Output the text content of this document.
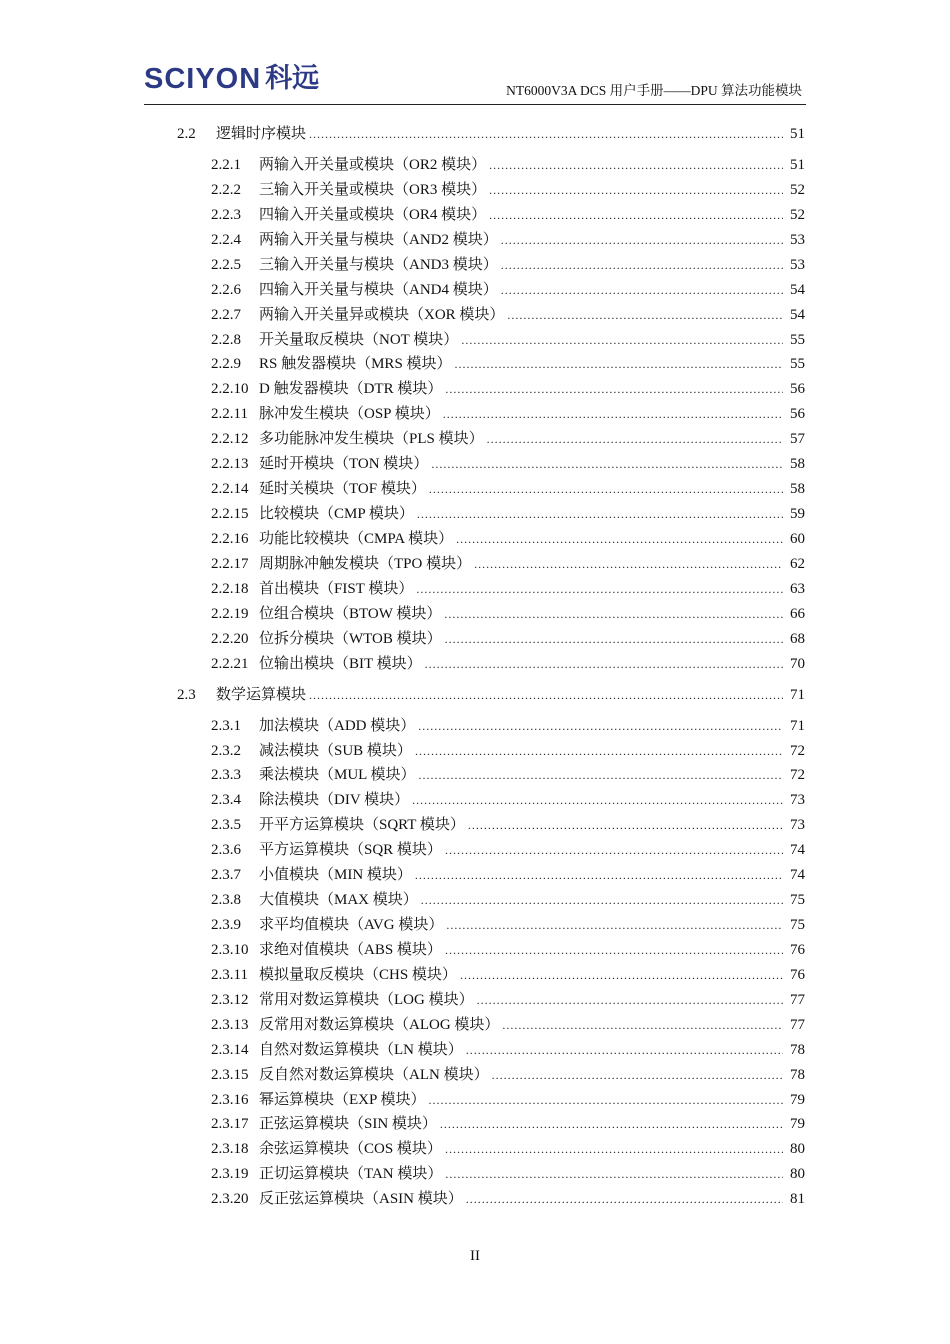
SCIYON 科远	NT6000V3A DCS 用户手册——DPU 算法功能模块
2.2	逻辑时序模块 .....	51
2.2.1	两输入开关量或模块（OR2 模块） .....	51
2.2.2	三输入开关量或模块（OR3 模块） .....	52
2.2.3	四输入开关量或模块（OR4 模块） .....	52
2.2.4	两输入开关量与模块（AND2 模块） .....	53
2.2.5	三输入开关量与模块（AND3 模块） .....	53
2.2.6	四输入开关量与模块（AND4 模块） .....	54
2.2.7	两输入开关量异或模块（XOR 模块） .....	54
2.2.8	开关量取反模块（NOT 模块） .....	55
2.2.9	RS 触发器模块（MRS 模块） .....	55
2.2.10 D 触发器模块（DTR 模块） .....	56
2.2.11 脉冲发生模块（OSP 模块） .....	56
2.2.12 多功能脉冲发生模块（PLS 模块） .....	57
2.2.13 延时开模块（TON 模块） .....	58
2.2.14 延时关模块（TOF 模块） .....	58
2.2.15 比较模块（CMP 模块） .....	59
2.2.16 功能比较模块（CMPA 模块） .....	60
2.2.17 周期脉冲触发模块（TPO 模块） .....	62
2.2.18 首出模块（FIST 模块） .....	63
2.2.19 位组合模块（BTOW 模块） .....	66
2.2.20 位拆分模块（WTOB 模块） .....	68
2.2.21 位输出模块（BIT 模块） .....	70
2.3	数学运算模块 .....	71
2.3.1	加法模块（ADD 模块） .....	71
2.3.2	减法模块（SUB 模块） .....	72
2.3.3	乘法模块（MUL 模块） .....	72
2.3.4	除法模块（DIV 模块） .....	73
2.3.5	开平方运算模块（SQRT 模块） .....	73
2.3.6	平方运算模块（SQR 模块） .....	74
2.3.7	小值模块（MIN 模块） .....	74
2.3.8	大值模块（MAX 模块） .....	75
2.3.9	求平均值模块（AVG 模块） .....	75
2.3.10 求绝对值模块（ABS 模块） .....	76
2.3.11 模拟量取反模块（CHS 模块） .....	76
2.3.12 常用对数运算模块（LOG 模块） .....	77
2.3.13 反常用对数运算模块（ALOG 模块） .....	77
2.3.14 自然对数运算模块（LN 模块） .....	78
2.3.15 反自然对数运算模块（ALN 模块） .....	78
2.3.16 幂运算模块（EXP 模块） .....	79
2.3.17 正弦运算模块（SIN 模块） .....	79
2.3.18 余弦运算模块（COS 模块） .....	80
2.3.19 正切运算模块（TAN 模块） .....	80
2.3.20 反正弦运算模块（ASIN 模块） .....	81
II
